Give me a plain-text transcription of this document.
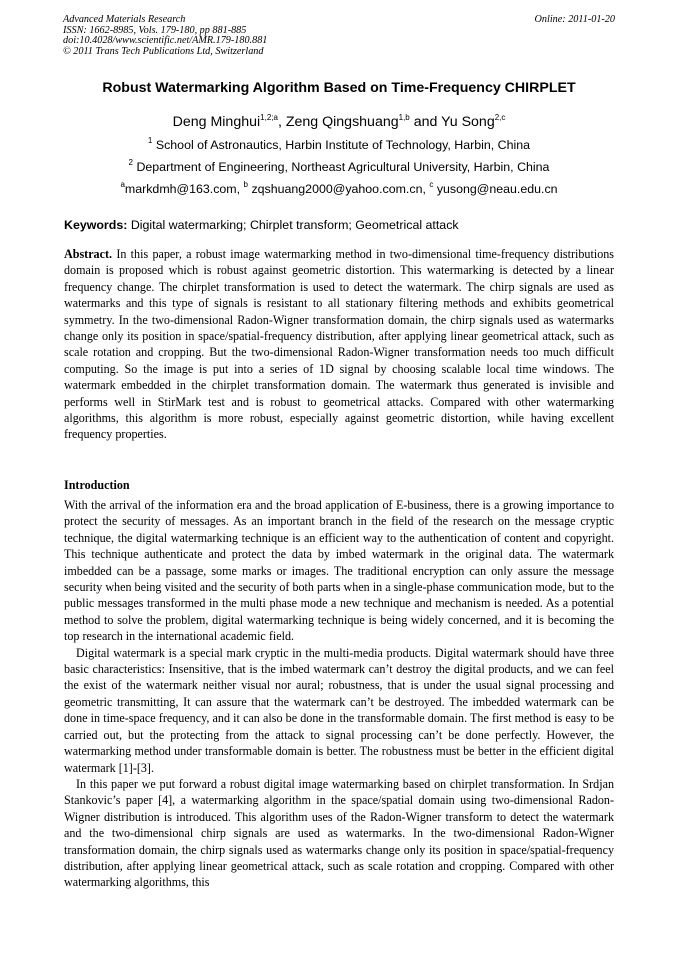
Advanced Materials Research
ISSN: 1662-8985, Vols. 179-180, pp 881-885
doi:10.4028/www.scientific.net/AMR.179-180.881
© 2011 Trans Tech Publications Ltd, Switzerland
Online: 2011-01-20
Robust Watermarking Algorithm Based on Time-Frequency CHIRPLET
Deng Minghui$^{1,2;a}$, Zeng Qingshuang$^{1,b}$ and Yu Song$^{2,c}$
$^1$ School of Astronautics, Harbin Institute of Technology, Harbin, China
$^2$ Department of Engineering, Northeast Agricultural University, Harbin, China
$^a$markdmh@163.com, $^b$ zqshuang2000@yahoo.com.cn, $^c$ yusong@neau.edu.cn
Keywords: Digital watermarking; Chirplet transform; Geometrical attack

Abstract. In this paper, a robust image watermarking method in two-dimensional time-frequency distributions domain is proposed which is robust against geometric distortion. This watermarking is detected by a linear frequency change. The chirplet transformation is used to detect the watermark. The chirp signals are used as watermarks and this type of signals is resistant to all stationary filtering methods and exhibits geometrical symmetry. In the two-dimensional Radon-Wigner transformation domain, the chirp signals used as watermarks change only its position in space/spatial-frequency distribution, after applying linear geometrical attack, such as scale rotation and cropping. But the two-dimensional Radon-Wigner transformation needs too much difficult computing. So the image is put into a series of 1D signal by choosing scalable local time windows. The watermark embedded in the chirplet transformation domain. The watermark thus generated is invisible and performs well in StirMark test and is robust to geometrical attacks. Compared with other watermarking algorithms, this algorithm is more robust, especially against geometric distortion, while having excellent frequency properties.

Introduction

With the arrival of the information era and the broad application of E-business, there is a growing importance to protect the security of messages. As an important branch in the field of the research on the message cryptic technique, the digital watermarking technique is an efficient way to the authentication of content and copyright. This technique authenticate and protect the data by imbed watermark in the original data. The watermark imbedded can be a passage, some marks or images. The traditional encryption can only assure the message security when being visited and the security of both parts when in a single-phase communication mode, but to the public messages transformed in the multi phase mode a new technique and mechanism is needed. As a potential method to solve the problem, digital watermarking technique is being widely concerned, and it is becoming the top research in the international academic field.

Digital watermark is a special mark cryptic in the multi-media products. Digital watermark should have three basic characteristics: Insensitive, that is the imbed watermark can’t destroy the digital products, and we can feel the exist of the watermark neither visual nor aural; robustness, that is under the usual signal processing and geometric transmitting, It can assure that the watermark can’t be destroyed. The imbedded watermark can be done in time-space frequency, and it can also be done in the transformable domain. The first method is easy to be carried out, but the protecting from the attack to signal processing can’t be done perfectly. However, the watermarking method under transformable domain is better. The robustness must be better in the efficient digital watermark [1]-[3].

In this paper we put forward a robust digital image watermarking based on chirplet transformation. In Srdjan Stankovic’s paper [4], a watermarking algorithm in the space/spatial domain using two-dimensional Radon-Wigner distribution is introduced. This algorithm uses of the Radon-Wigner transform to detect the watermark and the two-dimensional chirp signals are used as watermarks. In the two-dimensional Radon-Wigner transformation domain, the chirp signals used as watermarks change only its position in space/spatial-frequency distribution, after applying linear geometrical attack, such as scale rotation and cropping. Compared with other watermarking algorithms, this
